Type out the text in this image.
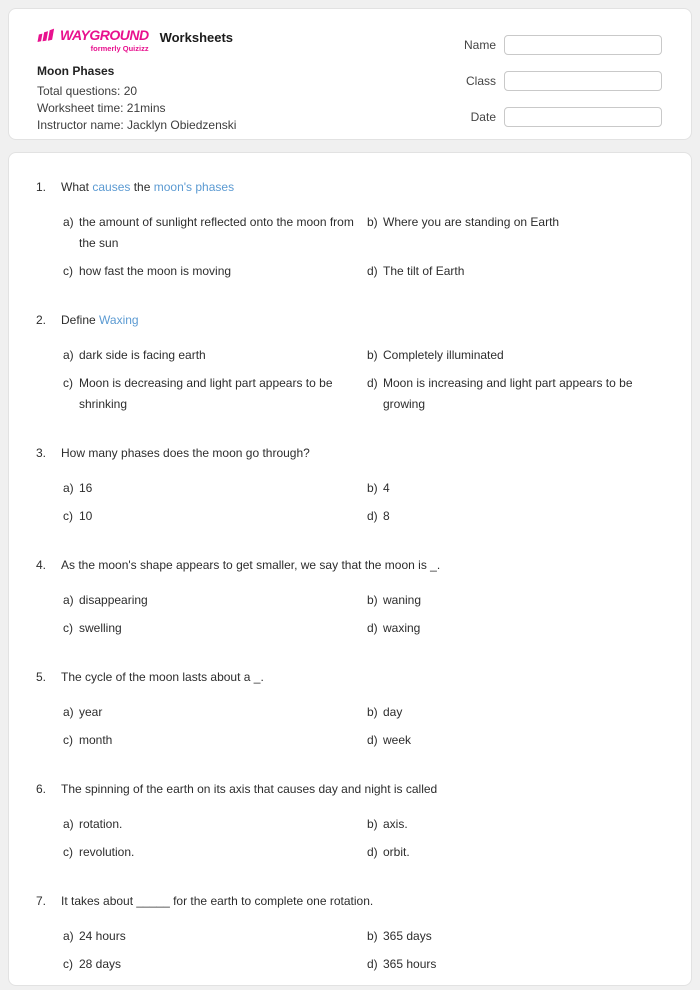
WAYGROUND
formerly Quizizz
Worksheets
Moon Phases
Total questions: 20
Worksheet time: 21mins
Instructor name: Jacklyn Obiedzenski
Name
Class
Date
1.	What causes the moon's phases
a) the amount of sunlight reflected onto the moon from the sun
b) Where you are standing on Earth
c) how fast the moon is moving	d) The tilt of Earth
2.	Define Waxing
a) dark side is facing earth	b) Completely illuminated
c) Moon is decreasing and light part appears to be shrinking
d) Moon is increasing and light part appears to be growing
3.	How many phases does the moon go through?
a) 16	b) 4
c) 10	d) 8
4.	As the moon's shape appears to get smaller, we say that the moon is _.
a) disappearing	b) waning
c) swelling	d) waxing
5.	The cycle of the moon lasts about a _.
a) year	b) day
c) month	d) week
6.	The spinning of the earth on its axis that causes day and night is called
a) rotation.	b) axis.
c) revolution.	d) orbit.
7.	It takes about _____ for the earth to complete one rotation.
a) 24 hours	b) 365 days
c) 28 days	d) 365 hours
